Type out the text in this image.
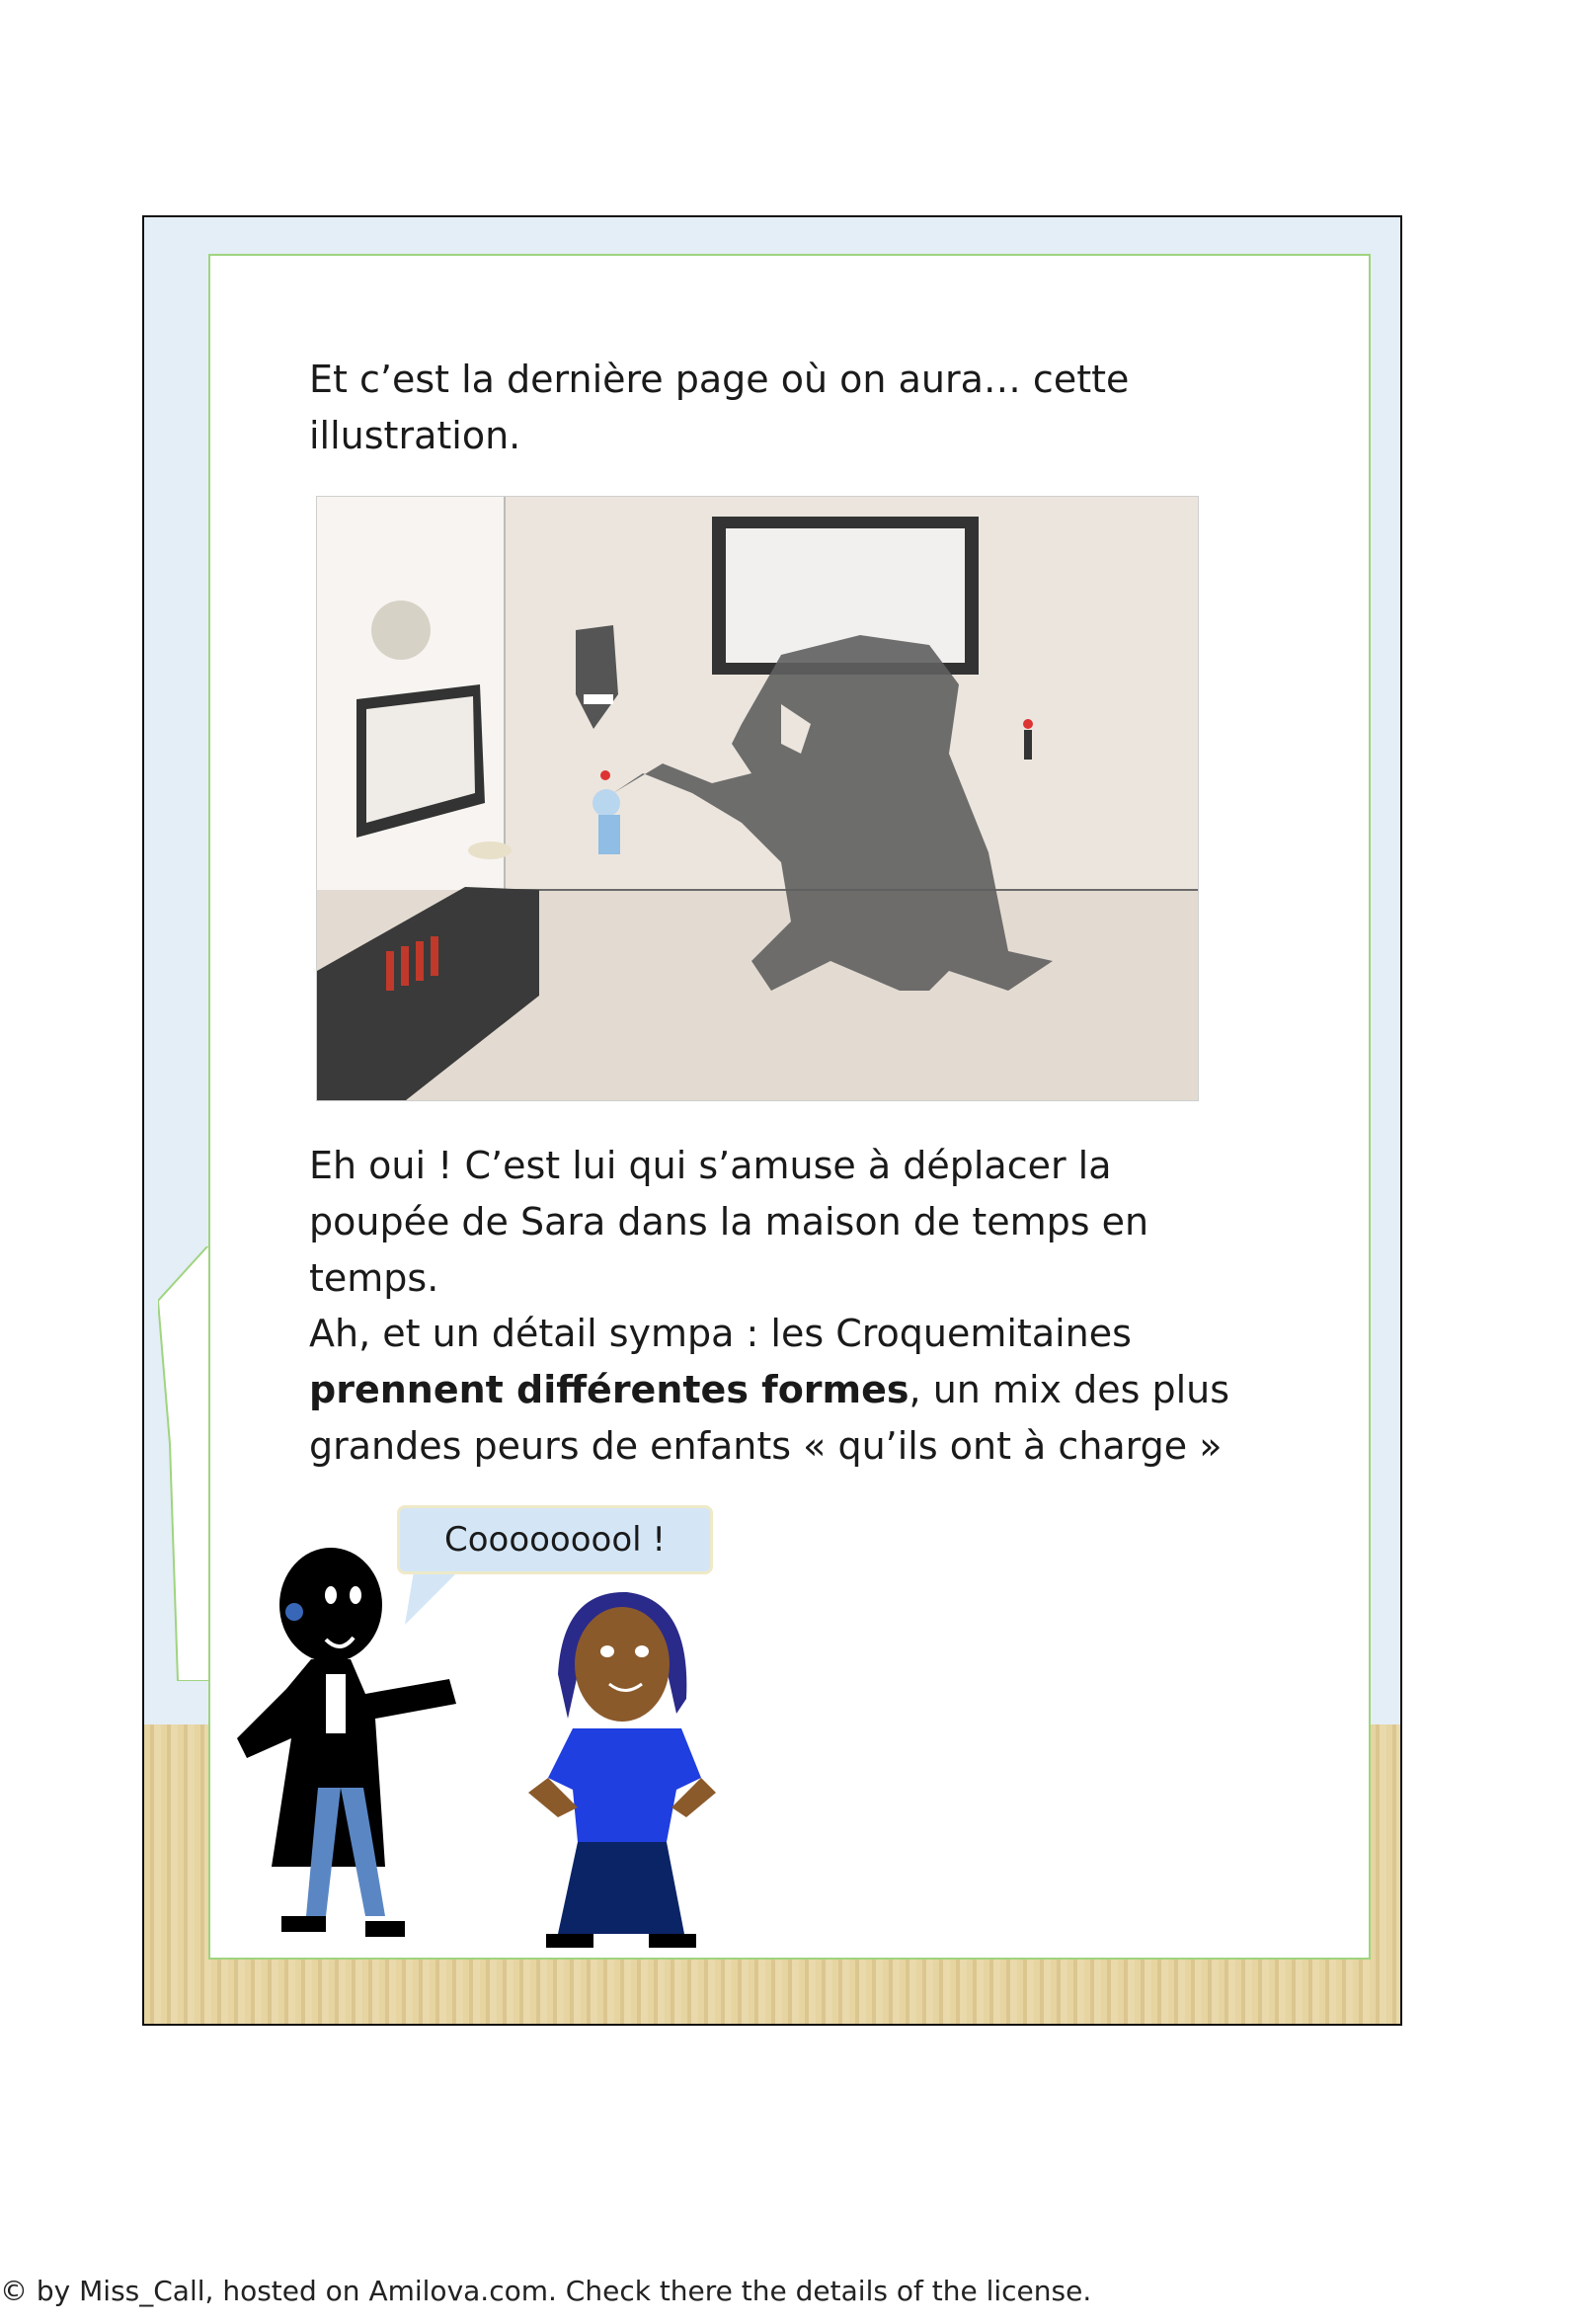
Et c’est la dernière page où on aura… cette illustration.
Eh oui ! C’est lui qui s’amuse à déplacer la poupée de Sara dans la maison de temps en temps.
Ah, et un détail sympa : les Croquemitaines prennent différentes formes, un mix des plus grandes peurs de enfants « qu’ils ont à charge »
Cooooooool !
© by Miss_Call, hosted on Amilova.com. Check there the details of the license.
